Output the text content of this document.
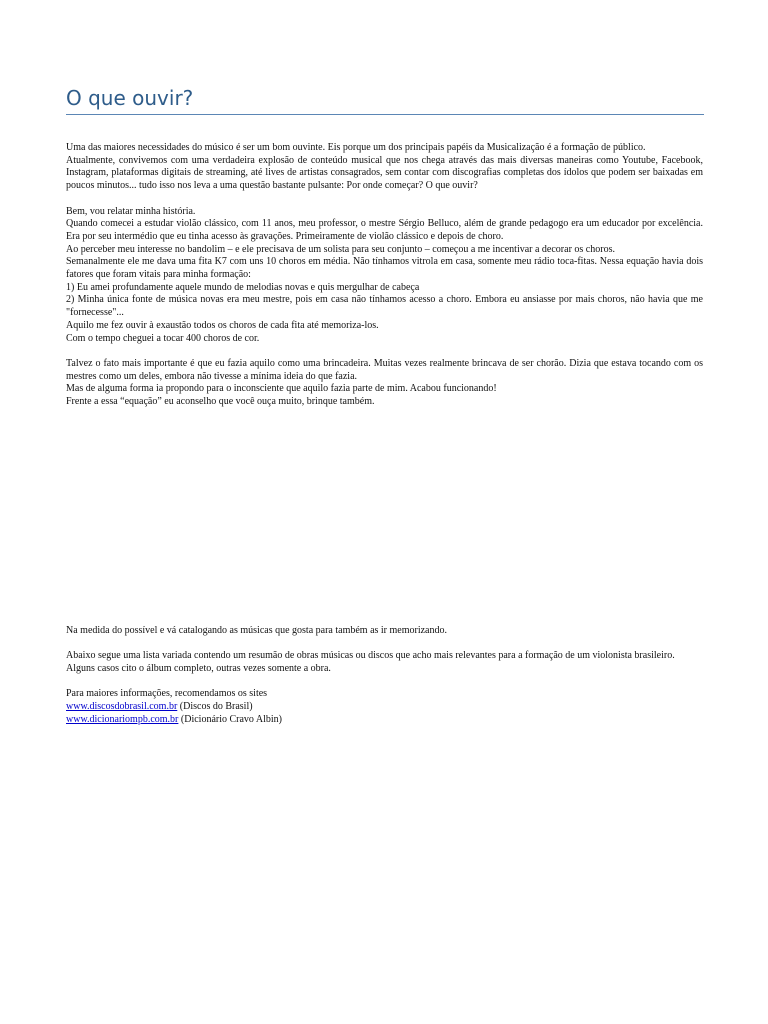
O que ouvir?

Uma das maiores necessidades do músico é ser um bom ouvinte. Eis porque um dos principais papéis da Musicalização é a formação de público.

Atualmente, convivemos com uma verdadeira explosão de conteúdo musical que nos chega através das mais diversas maneiras como Youtube, Facebook, Instagram, plataformas digitais de streaming, até lives de artistas consagrados, sem contar com discografias completas dos ídolos que podem ser baixadas em poucos minutos... tudo isso nos leva a uma questão bastante pulsante: Por onde começar? O que ouvir?

Bem, vou relatar minha história.

Quando comecei a estudar violão clássico, com 11 anos, meu professor, o mestre Sérgio Belluco, além de grande pedagogo era um educador por excelência. Era por seu intermédio que eu tinha acesso às gravações. Primeiramente de violão clássico e depois de choro.

Ao perceber meu interesse no bandolim – e ele precisava de um solista para seu conjunto – começou a me incentivar a decorar os choros.

Semanalmente ele me dava uma fita K7 com uns 10 choros em média. Não tínhamos vitrola em casa, somente meu rádio toca-fitas. Nessa equação havia dois fatores que foram vitais para minha formação:

1) Eu amei profundamente aquele mundo de melodias novas e quis mergulhar de cabeça

2) Minha única fonte de música novas era meu mestre, pois em casa não tínhamos acesso a choro. Embora eu ansiasse por mais choros, não havia que me "fornecesse"...

Aquilo me fez ouvir à exaustão todos os choros de cada fita até memoriza-los.

Com o tempo cheguei a tocar 400 choros de cor.

Talvez o fato mais importante é que eu fazia aquilo como uma brincadeira. Muitas vezes realmente brincava de ser chorão. Dizia que estava tocando com os mestres como um deles, embora não tivesse a mínima ideia do que fazia.

Mas de alguma forma ia propondo para o inconsciente que aquilo fazia parte de mim. Acabou funcionando!

Frente a essa “equação” eu aconselho que você ouça muito, brinque também.

Na medida do possível e vá catalogando as músicas que gosta para também as ir memorizando.

Abaixo segue uma lista variada contendo um resumão de obras músicas ou discos que acho mais relevantes para a formação de um violonista brasileiro.

Alguns casos cito o álbum completo, outras vezes somente a obra.

Para maiores informações, recomendamos os sites

www.discosdobrasil.com.br (Discos do Brasil)

www.dicionariompb.com.br (Dicionário Cravo Albin)
